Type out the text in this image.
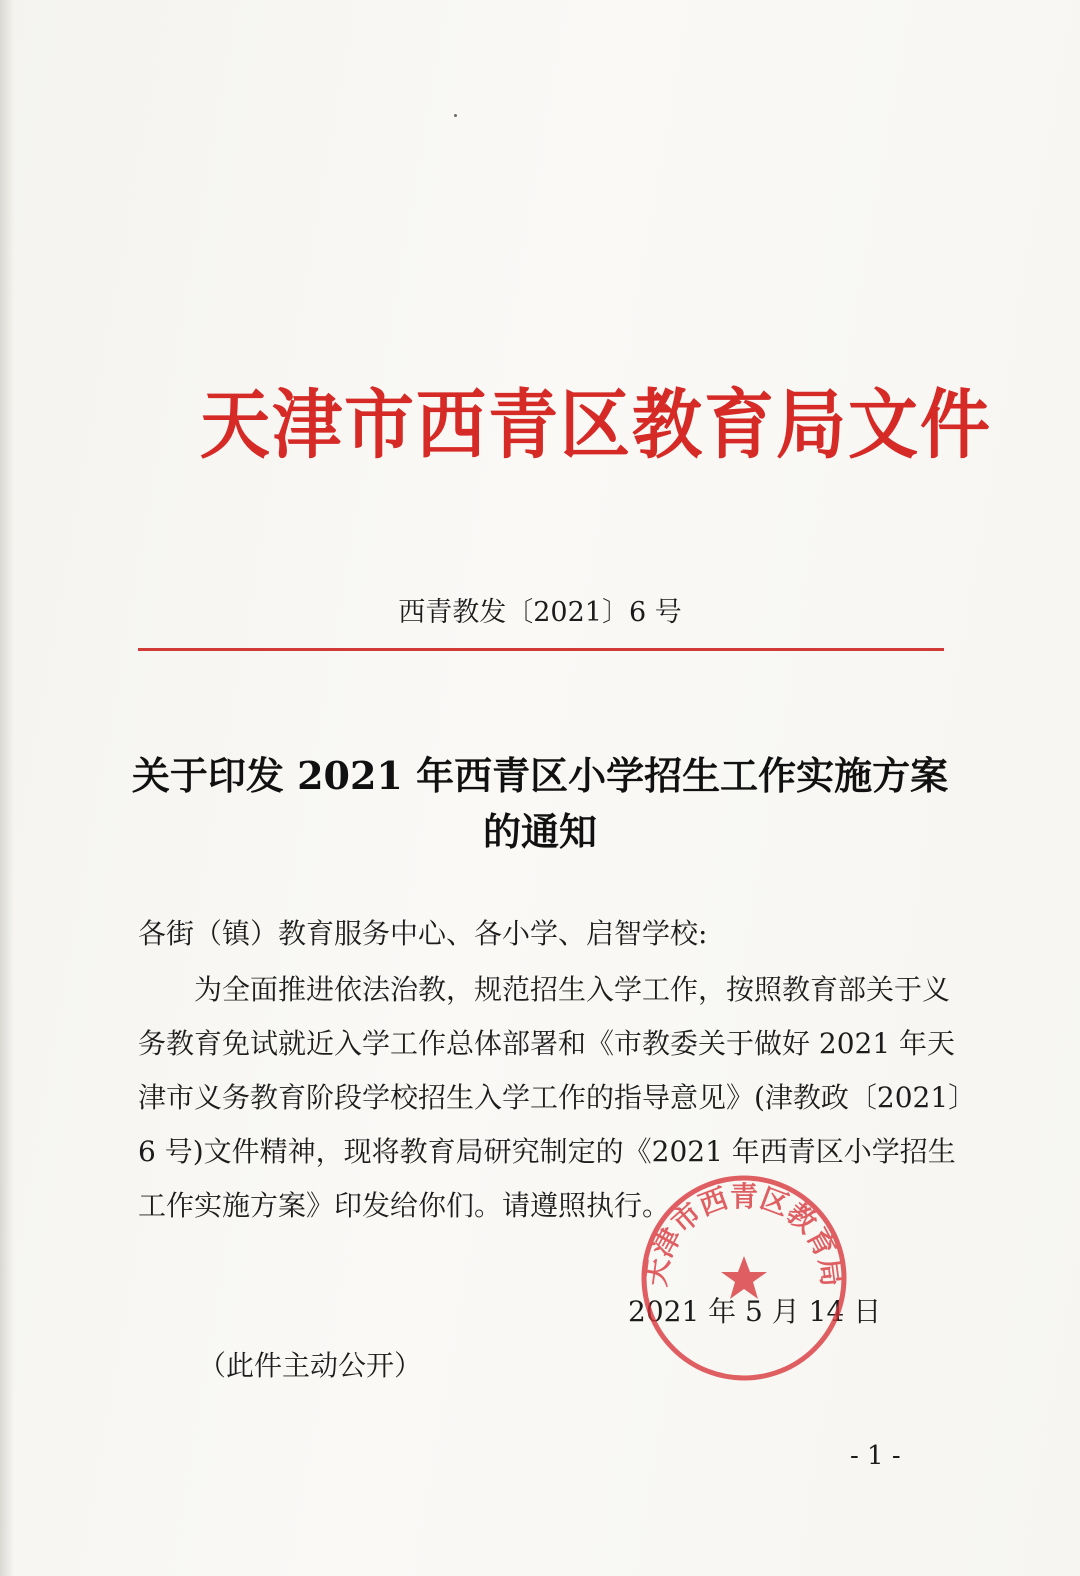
天津市西青区教育局文件
西青教发〔2021〕6 号
关于印发 2021 年西青区小学招生工作实施方案
的通知
各街（镇）教育服务中心、各小学、启智学校:
为全面推进依法治教，规范招生入学工作，按照教育部关于义
务教育免试就近入学工作总体部署和《市教委关于做好 2021 年天
津市义务教育阶段学校招生入学工作的指导意见》(津教政〔2021〕
6 号)文件精神，现将教育局研究制定的《2021 年西青区小学招生
工作实施方案》印发给你们。请遵照执行。
2021 年 5 月 14 日
天津市西青区教育局
（此件主动公开）
- 1 -
